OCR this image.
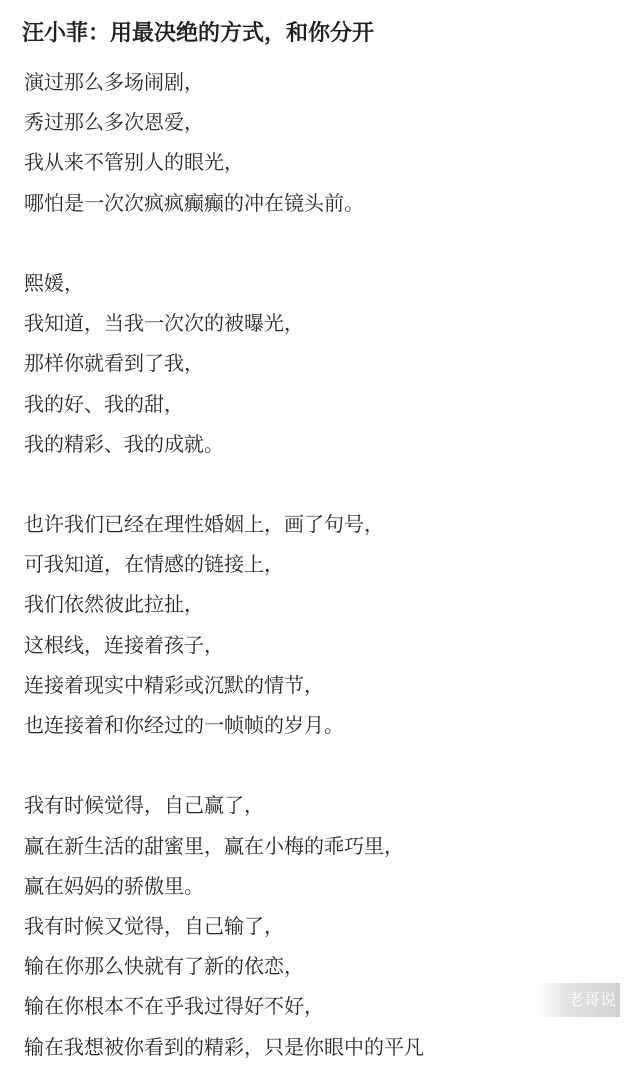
汪小菲：用最决绝的方式，和你分开
演过那么多场闹剧，
秀过那么多次恩爱，
我从来不管别人的眼光，
哪怕是一次次疯疯癫癫的冲在镜头前。
熙媛，
我知道，当我一次次的被曝光，
那样你就看到了我，
我的好、我的甜，
我的精彩、我的成就。
也许我们已经在理性婚姻上，画了句号，
可我知道，在情感的链接上，
我们依然彼此拉扯，
这根线，连接着孩子，
连接着现实中精彩或沉默的情节，
也连接着和你经过的一帧帧的岁月。
我有时候觉得，自己赢了，
赢在新生活的甜蜜里，赢在小梅的乖巧里，
赢在妈妈的骄傲里。
我有时候又觉得，自己输了，
输在你那么快就有了新的依恋，
输在你根本不在乎我过得好不好，
输在我想被你看到的精彩，只是你眼中的平凡
老哥说
